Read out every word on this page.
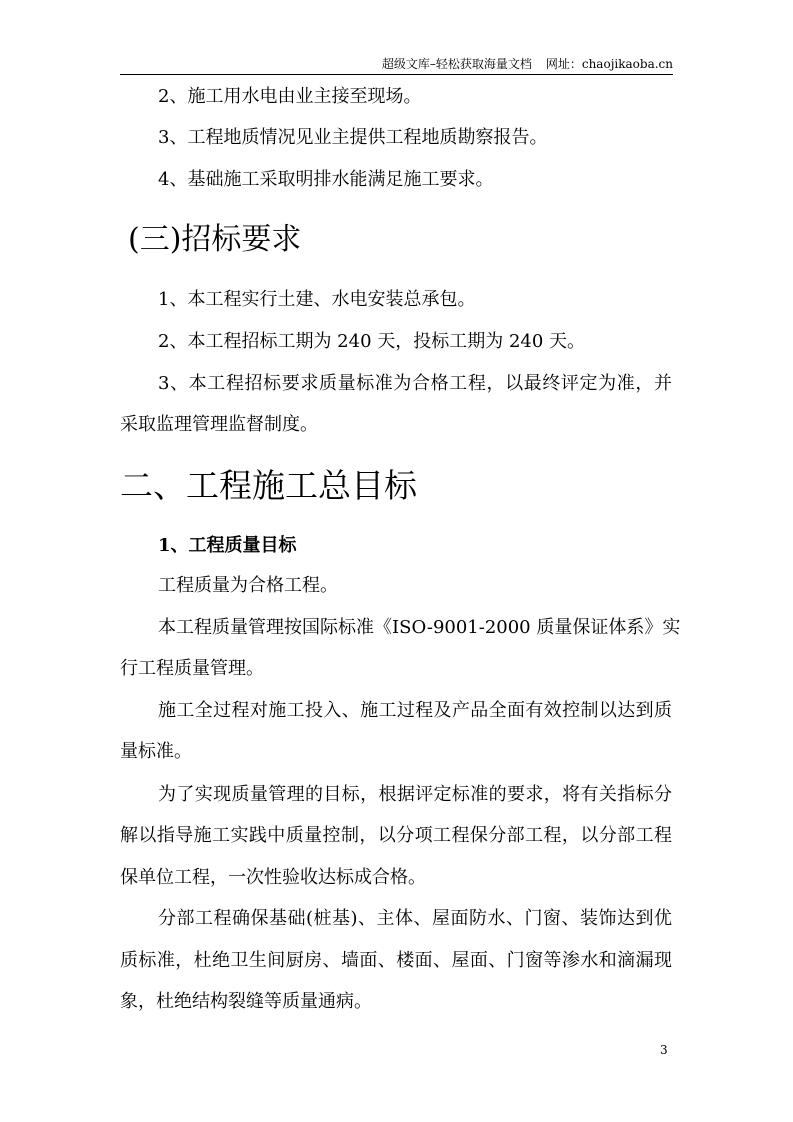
超级文库–轻松获取海量文档 网址：chaojikaoba.cn
2、施工用水电由业主接至现场。
3、工程地质情况见业主提供工程地质勘察报告。
4、基础施工采取明排水能满足施工要求。
(三)招标要求
1、本工程实行土建、水电安装总承包。
2、本工程招标工期为 240 天，投标工期为 240 天。
3、本工程招标要求质量标准为合格工程，以最终评定为准，并
采取监理管理监督制度。
二、工程施工总目标
1、工程质量目标
工程质量为合格工程。
本工程质量管理按国际标准《ISO-9001-2000 质量保证体系》实
行工程质量管理。
施工全过程对施工投入、施工过程及产品全面有效控制以达到质
量标准。
为了实现质量管理的目标，根据评定标准的要求，将有关指标分
解以指导施工实践中质量控制，以分项工程保分部工程，以分部工程
保单位工程，一次性验收达标成合格。
分部工程确保基础(桩基)、主体、屋面防水、门窗、装饰达到优
质标准，杜绝卫生间厨房、墙面、楼面、屋面、门窗等渗水和滴漏现
象，杜绝结构裂缝等质量通病。
3
